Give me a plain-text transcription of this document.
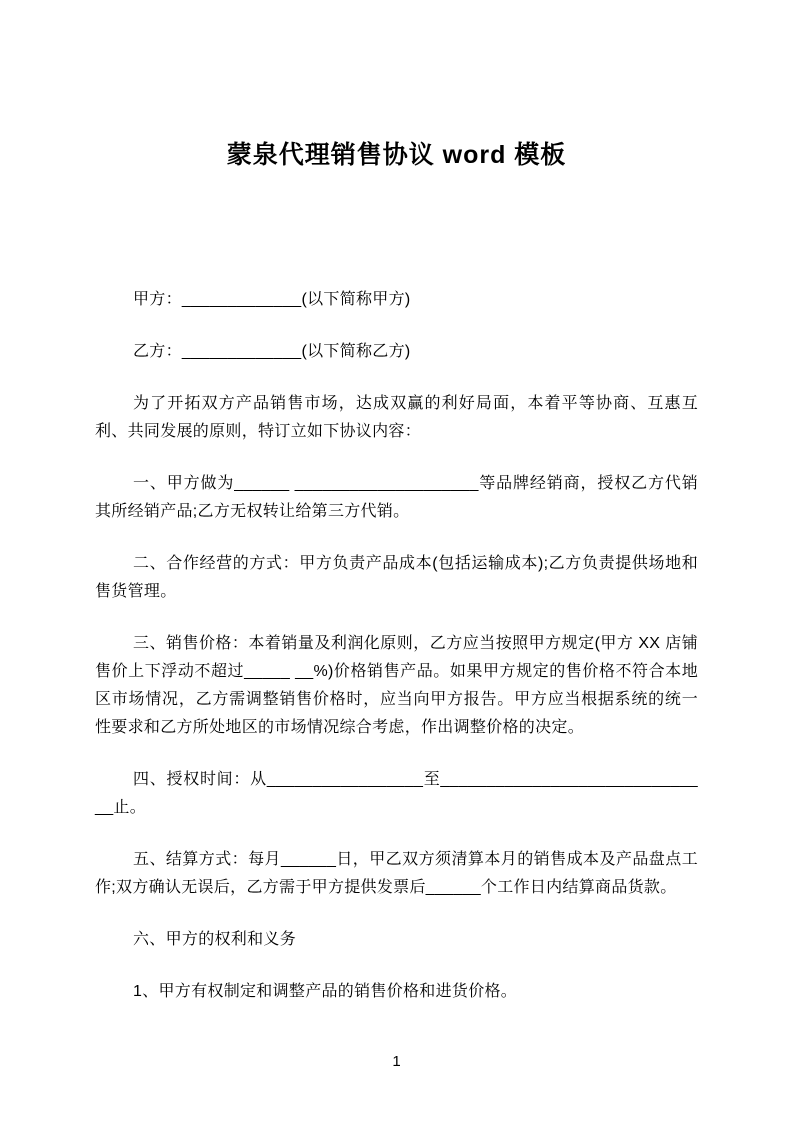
蒙泉代理销售协议 word 模板

甲方：_____________(以下简称甲方)

乙方：_____________(以下简称乙方)

为了开拓双方产品销售市场，达成双赢的利好局面，本着平等协商、互惠互利、共同发展的原则，特订立如下协议内容：

一、甲方做为______ ____________________等品牌经销商，授权乙方代销其所经销产品;乙方无权转让给第三方代销。

二、合作经营的方式：甲方负责产品成本(包括运输成本);乙方负责提供场地和售货管理。

三、销售价格：本着销量及利润化原则，乙方应当按照甲方规定(甲方 XX 店铺售价上下浮动不超过_____ __%)价格销售产品。如果甲方规定的售价格不符合本地区市场情况，乙方需调整销售价格时，应当向甲方报告。甲方应当根据系统的统一性要求和乙方所处地区的市场情况综合考虑，作出调整价格的决定。

四、授权时间：从_________________至______________________________止。

五、结算方式：每月______日，甲乙双方须清算本月的销售成本及产品盘点工作;双方确认无误后，乙方需于甲方提供发票后______个工作日内结算商品货款。

六、甲方的权利和义务

1、甲方有权制定和调整产品的销售价格和进货价格。

1
